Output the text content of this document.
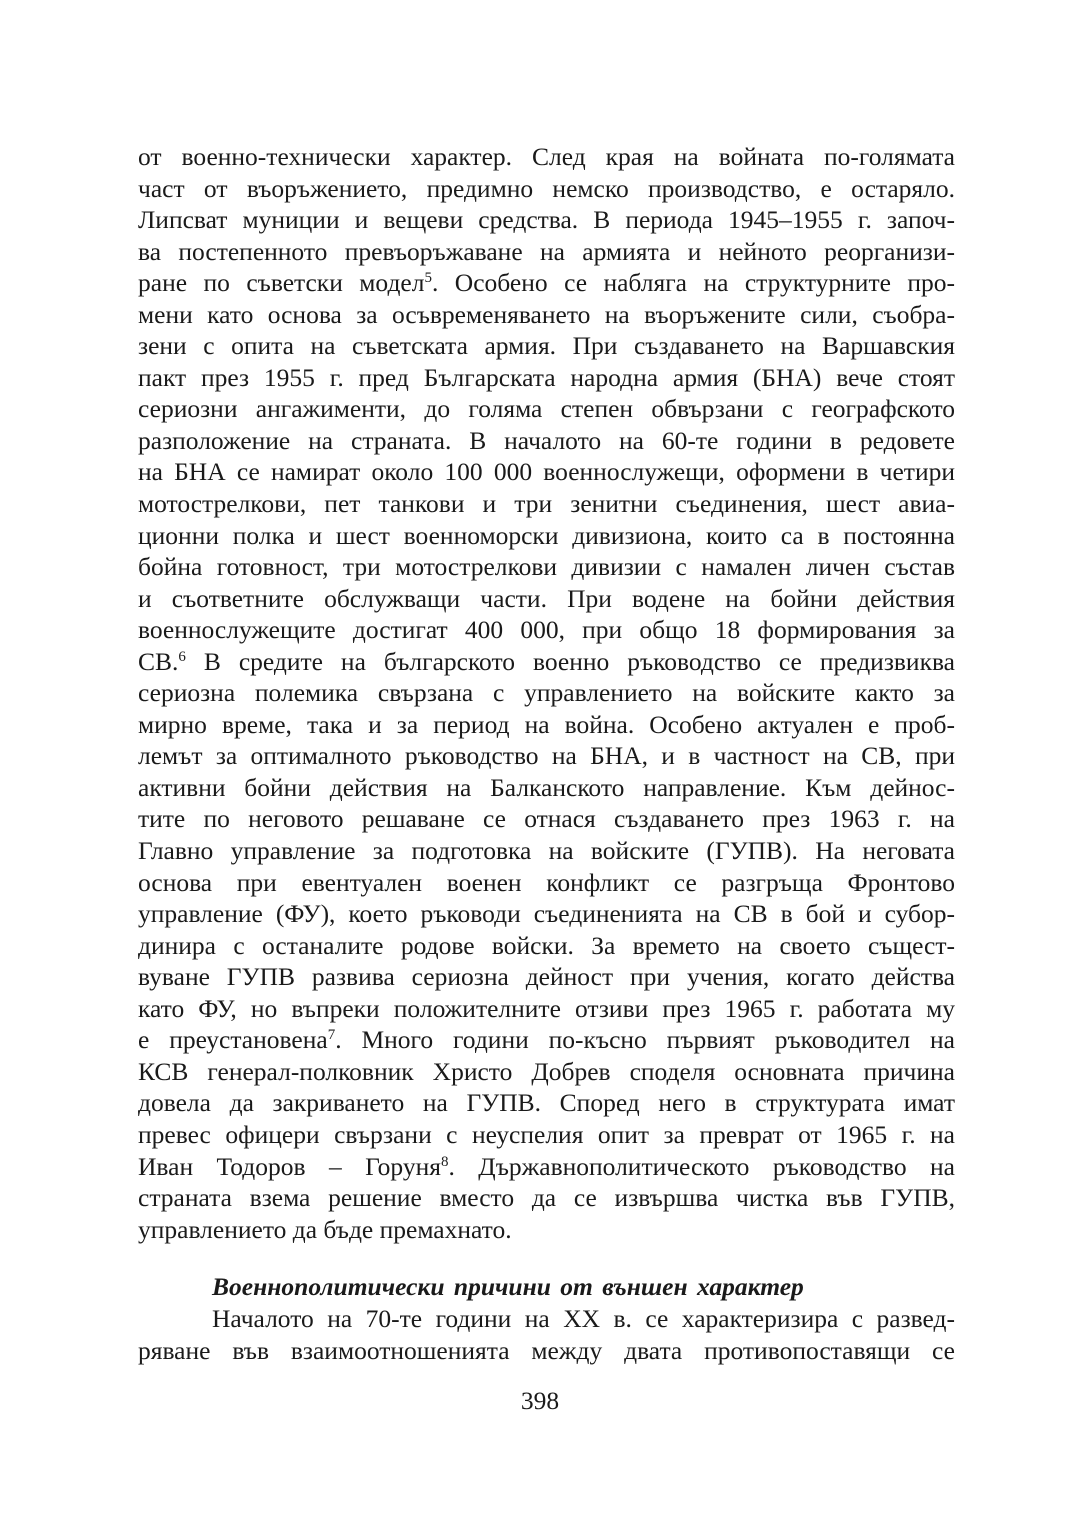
от военно-технически характер. След края на войната по-голямата
част от въоръжението, предимно немско производство, е остаряло.
Липсват муниции и вещеви средства. В периода 1945–1955 г. започ-
ва постепенното превъоръжаване на армията и нейното реорганизи-
ране по съветски модел$^5$. Особено се набляга на структурните про-
мени като основа за осъвременяването на въоръжените сили, съобра-
зени с опита на съветската армия. При създаването на Варшавския
пакт през 1955 г. пред Българската народна армия (БНА) вече стоят
сериозни ангажименти, до голяма степен обвързани с географското
разположение на страната. В началото на 60-те години в редовете
на БНА се намират около 100 000 военнослужещи, оформени в четири
мотострелкови, пет танкови и три зенитни съединения, шест авиа-
ционни полка и шест военноморски дивизиона, които са в постоянна
бойна готовност, три мотострелкови дивизии с намален личен състав
и съответните обслужващи части. При водене на бойни действия
военнослужещите достигат 400 000, при общо 18 формирования за
СВ.$^6$ В средите на българското военно ръководство се предизвиква
сериозна полемика свързана с управлението на войските както за
мирно време, така и за период на война. Особено актуален е проб-
лемът за оптималното ръководство на БНА, и в частност на СВ, при
активни бойни действия на Балканското направление. Към дейнос-
тите по неговото решаване се отнася създаването през 1963 г. на
Главно управление за подготовка на войските (ГУПВ). На неговата
основа при евентуален военен конфликт се разгръща Фронтово
управление (ФУ), което ръководи съединенията на СВ в бой и субор-
динира с останалите родове войски. За времето на своето същест-
вуване ГУПВ развива сериозна дейност при учения, когато действа
като ФУ, но въпреки положителните отзиви през 1965 г. работата му
е преустановена$^7$. Много години по-късно първият ръководител на
КСВ генерал-полковник Христо Добрев споделя основната причина
довела да закриването на ГУПВ. Според него в структурата имат
превес офицери свързани с неуспелия опит за преврат от 1965 г. на
Иван Тодоров – Горуня$^8$. Държавнополитическото ръководство на
страната взема решение вместо да се извършва чистка във ГУПВ,
управлението да бъде премахнато.
Военнополитически причини от външен характер
Началото на 70-те години на XX в. се характеризира с развед-
ряване във взаимоотношенията между двата противопоставящи се
398
